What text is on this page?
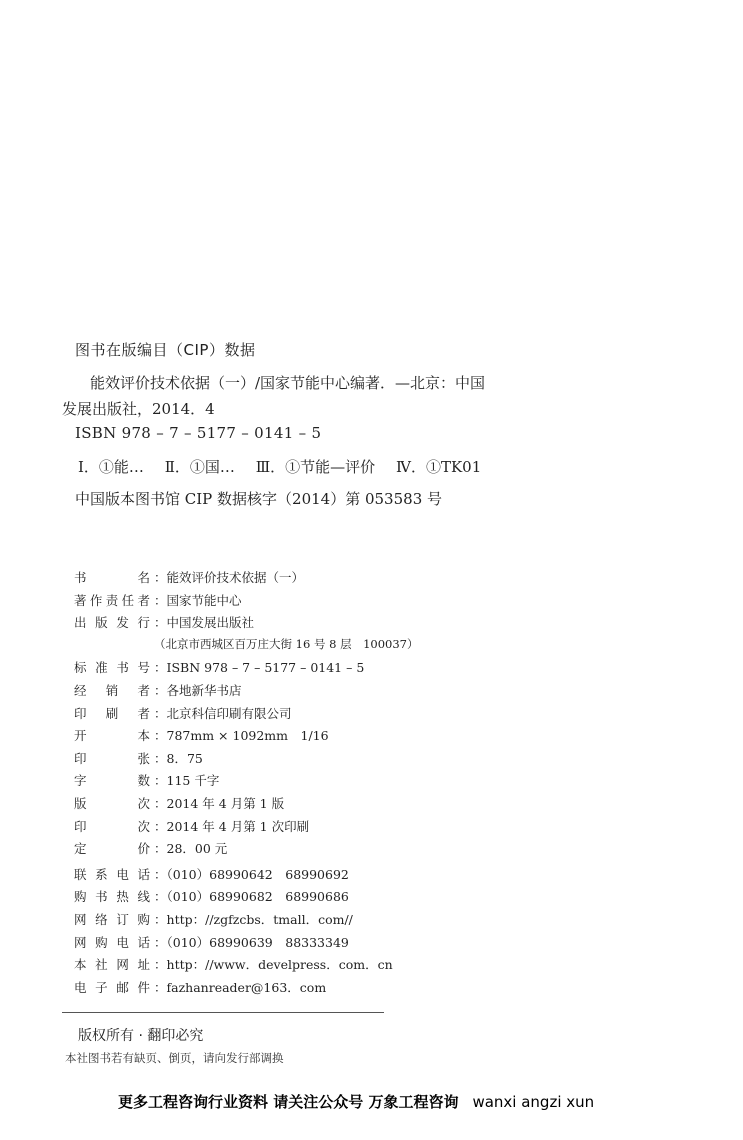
图书在版编目（CIP）数据
能效评价技术依据（一）/国家节能中心编著．—北京：中国
发展出版社，2014．4
ISBN 978 – 7 – 5177 – 0141 – 5
Ⅰ．①能… Ⅱ．①国… Ⅲ．①节能—评价 Ⅳ．①TK01
中国版本图书馆 CIP 数据核字（2014）第 053583 号
书名 ：能效评价技术依据（一）
著作责任者 ：国家节能中心
出版发行 ：中国发展出版社
（北京市西城区百万庄大街 16 号 8 层　100037）
标准书号 ：ISBN 978 – 7 – 5177 – 0141 – 5
经销者 ：各地新华书店
印刷者 ：北京科信印刷有限公司
开本 ：787mm × 1092mm　1/16
印张 ：8．75
字数 ：115 千字
版次 ：2014 年 4 月第 1 版
印次 ：2014 年 4 月第 1 次印刷
定价 ：28．00 元
联系电话 ：（010）68990642　68990692
购书热线 ：（010）68990682　68990686
网络订购 ：http：//zgfzcbs．tmall．com//
网购电话 ：（010）68990639　88333349
本社网址 ：http：//www．develpress．com．cn
电子邮件 ：fazhanreader@163．com
版权所有 · 翻印必究
本社图书若有缺页、倒页，请向发行部调换
更多工程咨询行业资料 请关注公众号 万象工程咨询 wanxi angzi xun
